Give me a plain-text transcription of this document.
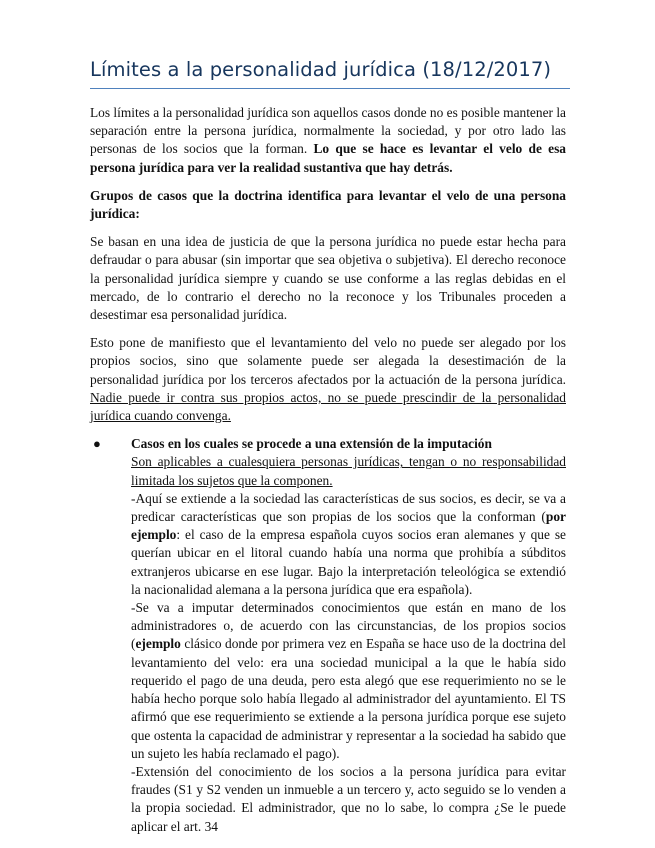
Límites a la personalidad jurídica (18/12/2017)

Los límites a la personalidad jurídica son aquellos casos donde no es posible mantener la separación entre la persona jurídica, normalmente la sociedad, y por otro lado las personas de los socios que la forman. Lo que se hace es levantar el velo de esa persona jurídica para ver la realidad sustantiva que hay detrás.

Grupos de casos que la doctrina identifica para levantar el velo de una persona jurídica:

Se basan en una idea de justicia de que la persona jurídica no puede estar hecha para defraudar o para abusar (sin importar que sea objetiva o subjetiva). El derecho reconoce la personalidad jurídica siempre y cuando se use conforme a las reglas debidas en el mercado, de lo contrario el derecho no la reconoce y los Tribunales proceden a desestimar esa personalidad jurídica.

Esto pone de manifiesto que el levantamiento del velo no puede ser alegado por los propios socios, sino que solamente puede ser alegada la desestimación de la personalidad jurídica por los terceros afectados por la actuación de la persona jurídica. Nadie puede ir contra sus propios actos, no se puede prescindir de la personalidad jurídica cuando convenga.

● Casos en los cuales se procede a una extensión de la imputación
Son aplicables a cualesquiera personas jurídicas, tengan o no responsabilidad limitada los sujetos que la componen.
-Aquí se extiende a la sociedad las características de sus socios, es decir, se va a predicar características que son propias de los socios que la conforman (por ejemplo: el caso de la empresa española cuyos socios eran alemanes y que se querían ubicar en el litoral cuando había una norma que prohibía a súbditos extranjeros ubicarse en ese lugar. Bajo la interpretación teleológica se extendió la nacionalidad alemana a la persona jurídica que era española).
-Se va a imputar determinados conocimientos que están en mano de los administradores o, de acuerdo con las circunstancias, de los propios socios (ejemplo clásico donde por primera vez en España se hace uso de la doctrina del levantamiento del velo: era una sociedad municipal a la que le había sido requerido el pago de una deuda, pero esta alegó que ese requerimiento no se le había hecho porque solo había llegado al administrador del ayuntamiento. El TS afirmó que ese requerimiento se extiende a la persona jurídica porque ese sujeto que ostenta la capacidad de administrar y representar a la sociedad ha sabido que un sujeto les había reclamado el pago).
-Extensión del conocimiento de los socios a la persona jurídica para evitar fraudes (S1 y S2 venden un inmueble a un tercero y, acto seguido se lo venden a la propia sociedad. El administrador, que no lo sabe, lo compra ¿Se le puede aplicar el art. 34
